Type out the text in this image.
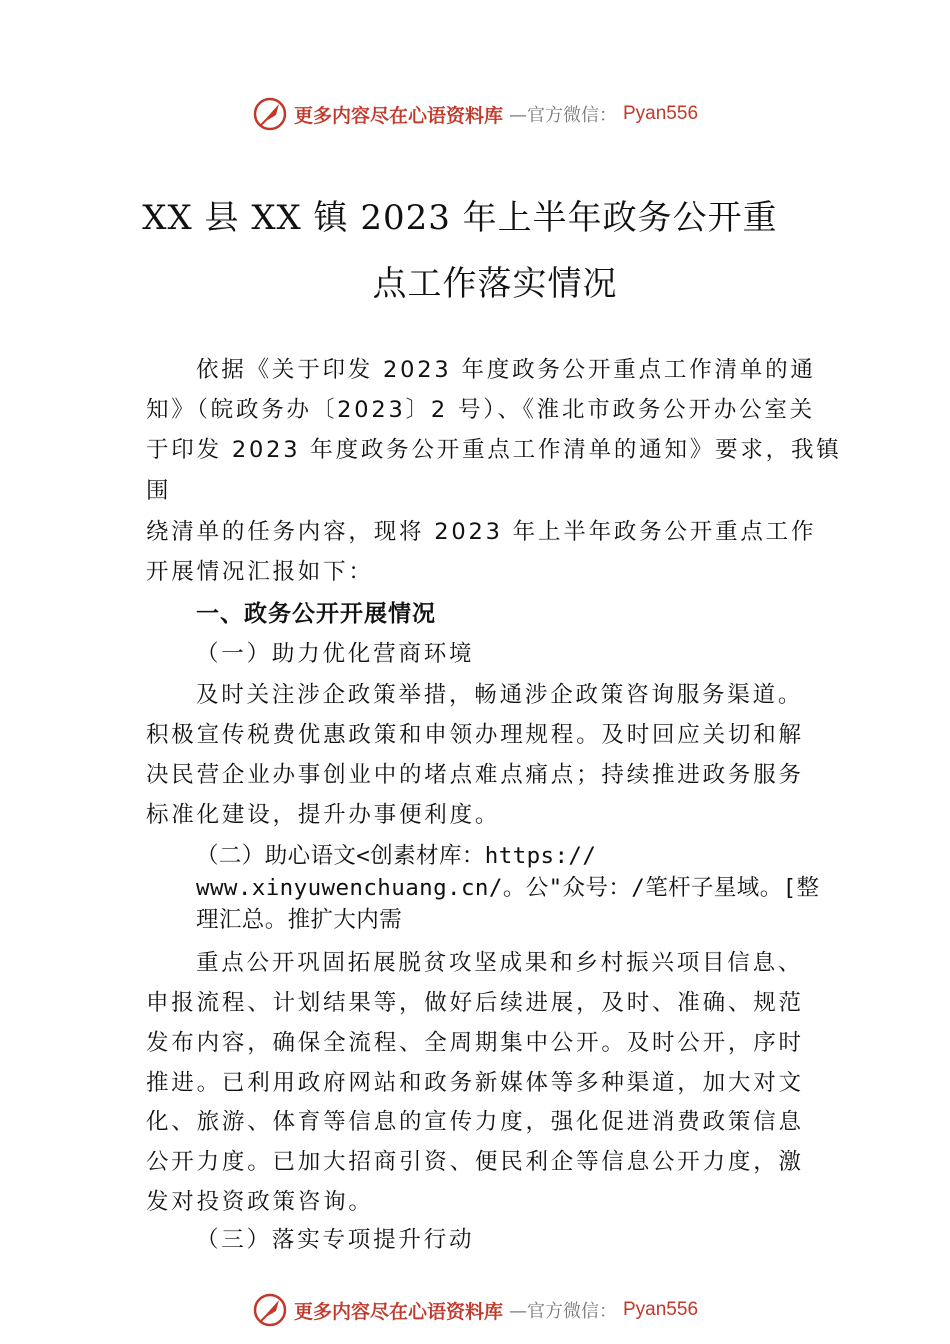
更多内容尽在心语资料库 —官方微信： Pyan556
XX 县 XX 镇 2023 年上半年政务公开重
点工作落实情况
依据《关于印发 2023 年度政务公开重点工作清单的通
知》（皖政务办〔2023〕2 号）、《淮北市政务公开办公室关
于印发 2023 年度政务公开重点工作清单的通知》要求，我镇
围
绕清单的任务内容，现将 2023 年上半年政务公开重点工作
开展情况汇报如下：
一、政务公开开展情况
（一）助力优化营商环境
及时关注涉企政策举措，畅通涉企政策咨询服务渠道。
积极宣传税费优惠政策和申领办理规程。及时回应关切和解
决民营企业办事创业中的堵点难点痛点；持续推进政务服务
标准化建设，提升办事便利度。
（二）助心语文<创素材库：https://
www.xinyuwenchuang.cn/。公"众号：/笔杆子星域。[整
理汇总。推扩大内需
重点公开巩固拓展脱贫攻坚成果和乡村振兴项目信息、
申报流程、计划结果等，做好后续进展，及时、准确、规范
发布内容，确保全流程、全周期集中公开。及时公开，序时
推进。已利用政府网站和政务新媒体等多种渠道，加大对文
化、旅游、体育等信息的宣传力度，强化促进消费政策信息
公开力度。已加大招商引资、便民利企等信息公开力度，激
发对投资政策咨询。
（三）落实专项提升行动
更多内容尽在心语资料库 —官方微信： Pyan556
